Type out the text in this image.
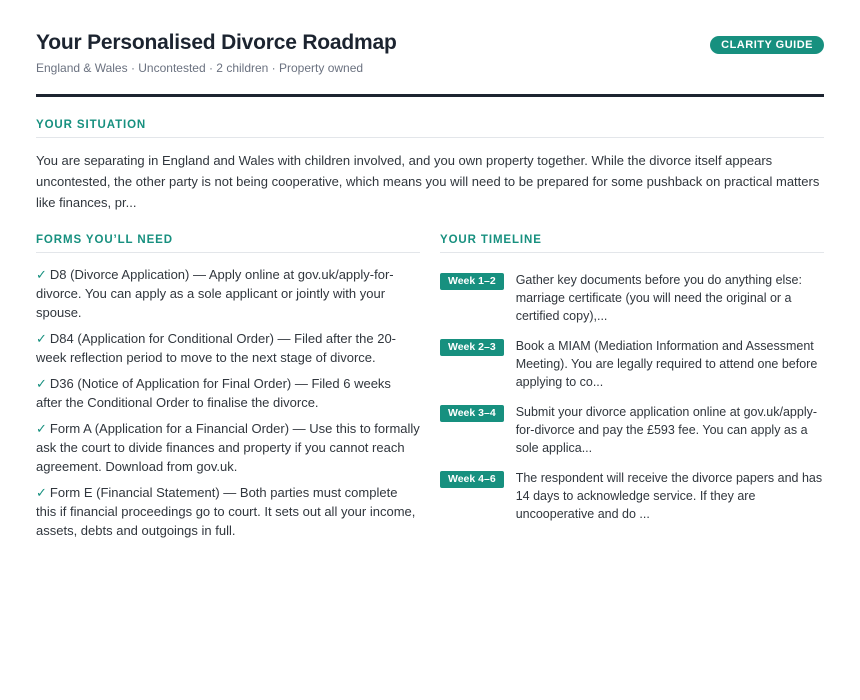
Your Personalised Divorce Roadmap
England & Wales · Uncontested · 2 children · Property owned
CLARITY GUIDE
YOUR SITUATION
You are separating in England and Wales with children involved, and you own property together. While the divorce itself appears uncontested, the other party is not being cooperative, which means you will need to be prepared for some pushback on practical matters like finances, pr...
FORMS YOU’LL NEED
✓ D8 (Divorce Application) — Apply online at gov.uk/apply-for-divorce. You can apply as a sole applicant or jointly with your spouse.
✓ D84 (Application for Conditional Order) — Filed after the 20-week reflection period to move to the next stage of divorce.
✓ D36 (Notice of Application for Final Order) — Filed 6 weeks after the Conditional Order to finalise the divorce.
✓ Form A (Application for a Financial Order) — Use this to formally ask the court to divide finances and property if you cannot reach agreement. Download from gov.uk.
✓ Form E (Financial Statement) — Both parties must complete this if financial proceedings go to court. It sets out all your income, assets, debts and outgoings in full.
YOUR TIMELINE
Week 1–2	Gather key documents before you do anything else: marriage certificate (you will need the original or a certified copy),...
Week 2–3	Book a MIAM (Mediation Information and Assessment Meeting). You are legally required to attend one before applying to co...
Week 3–4	Submit your divorce application online at gov.uk/apply-for-divorce and pay the £593 fee. You can apply as a sole applica...
Week 4–6	The respondent will receive the divorce papers and has 14 days to acknowledge service. If they are uncooperative and do ...
